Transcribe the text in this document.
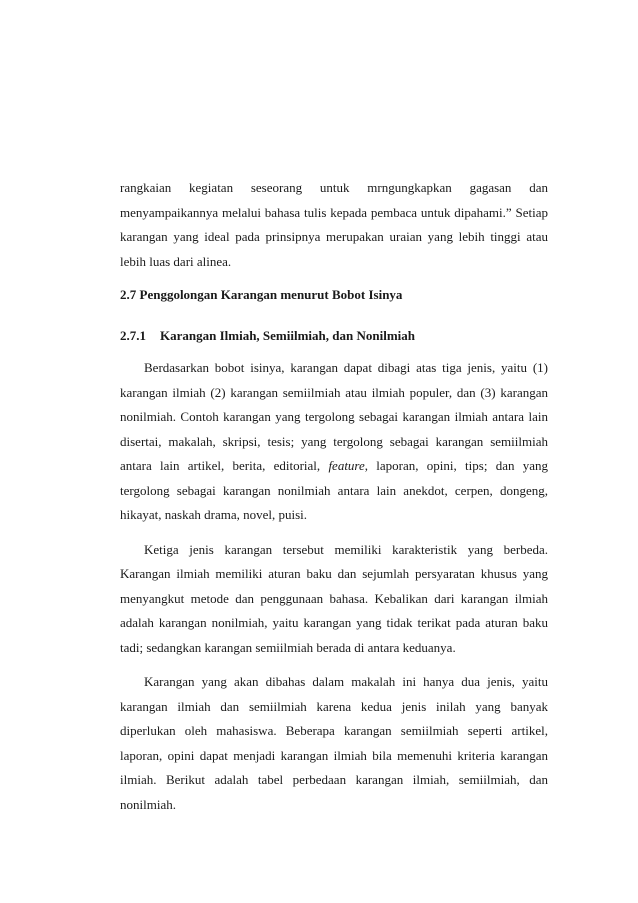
rangkaian kegiatan seseorang untuk mrngungkapkan gagasan dan

menyampaikannya melalui bahasa tulis kepada pembaca untuk dipahami.” Setiap karangan yang ideal pada prinsipnya merupakan uraian yang lebih tinggi atau lebih luas dari alinea.

2.7 Penggolongan Karangan menurut Bobot Isinya
2.7.1 Karangan Ilmiah, Semiilmiah, dan Nonilmiah

Berdasarkan bobot isinya, karangan dapat dibagi atas tiga jenis, yaitu (1) karangan ilmiah (2) karangan semiilmiah atau ilmiah populer, dan (3) karangan nonilmiah. Contoh karangan yang tergolong sebagai karangan ilmiah antara lain disertai, makalah, skripsi, tesis; yang tergolong sebagai karangan semiilmiah antara lain artikel, berita, editorial, feature, laporan, opini, tips; dan yang tergolong sebagai karangan nonilmiah antara lain anekdot, cerpen, dongeng, hikayat, naskah drama, novel, puisi.

Ketiga jenis karangan tersebut memiliki karakteristik yang berbeda. Karangan ilmiah memiliki aturan baku dan sejumlah persyaratan khusus yang menyangkut metode dan penggunaan bahasa. Kebalikan dari karangan ilmiah adalah karangan nonilmiah, yaitu karangan yang tidak terikat pada aturan baku tadi; sedangkan karangan semiilmiah berada di antara keduanya.

Karangan yang akan dibahas dalam makalah ini hanya dua jenis, yaitu karangan ilmiah dan semiilmiah karena kedua jenis inilah yang banyak diperlukan oleh mahasiswa. Beberapa karangan semiilmiah seperti artikel, laporan, opini dapat menjadi karangan ilmiah bila memenuhi kriteria karangan ilmiah. Berikut adalah tabel perbedaan karangan ilmiah, semiilmiah, dan nonilmiah.
